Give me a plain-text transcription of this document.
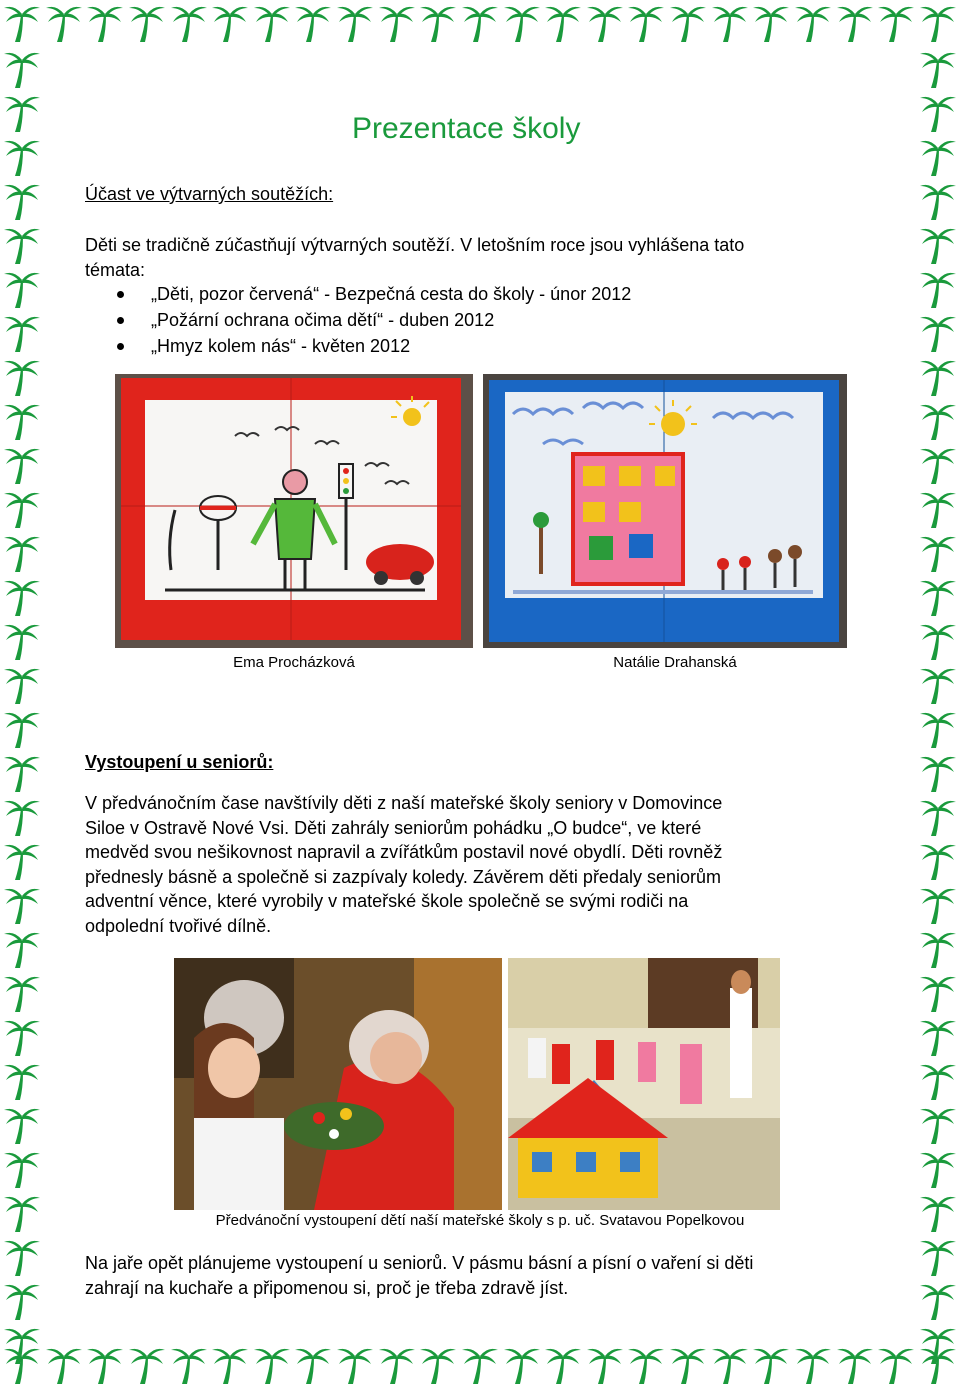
Prezentace školy
Účast ve výtvarných soutěžích:

Děti se tradičně zúčastňují výtvarných soutěží. V letošním roce jsou vyhlášena tato
témata:

„Děti, pozor červená“ - Bezpečná cesta do školy - únor 2012
„Požární ochrana očima dětí“ - duben 2012
„Hmyz kolem nás“ - květen 2012
Ema Procházková	Natálie Drahanská
Vystoupení u seniorů:

V předvánočním čase navštívily děti z naší mateřské školy seniory v Domovince
Siloe v Ostravě Nové Vsi. Děti zahrály seniorům pohádku „O budce“, ve které
medvěd svou nešikovnost napravil a zvířátkům postavil nové obydlí. Děti rovněž
přednesly básně a společně si zazpívaly koledy. Závěrem děti předaly seniorům
adventní věnce, které vyrobily v mateřské škole společně se svými rodiči na
odpolední tvořivé dílně.

Předvánoční vystoupení dětí naší mateřské školy s p. uč. Svatavou Popelkovou

Na jaře opět plánujeme vystoupení u seniorů. V pásmu básní a písní o vaření si děti
zahrají na kuchaře a připomenou si, proč je třeba zdravě jíst.
